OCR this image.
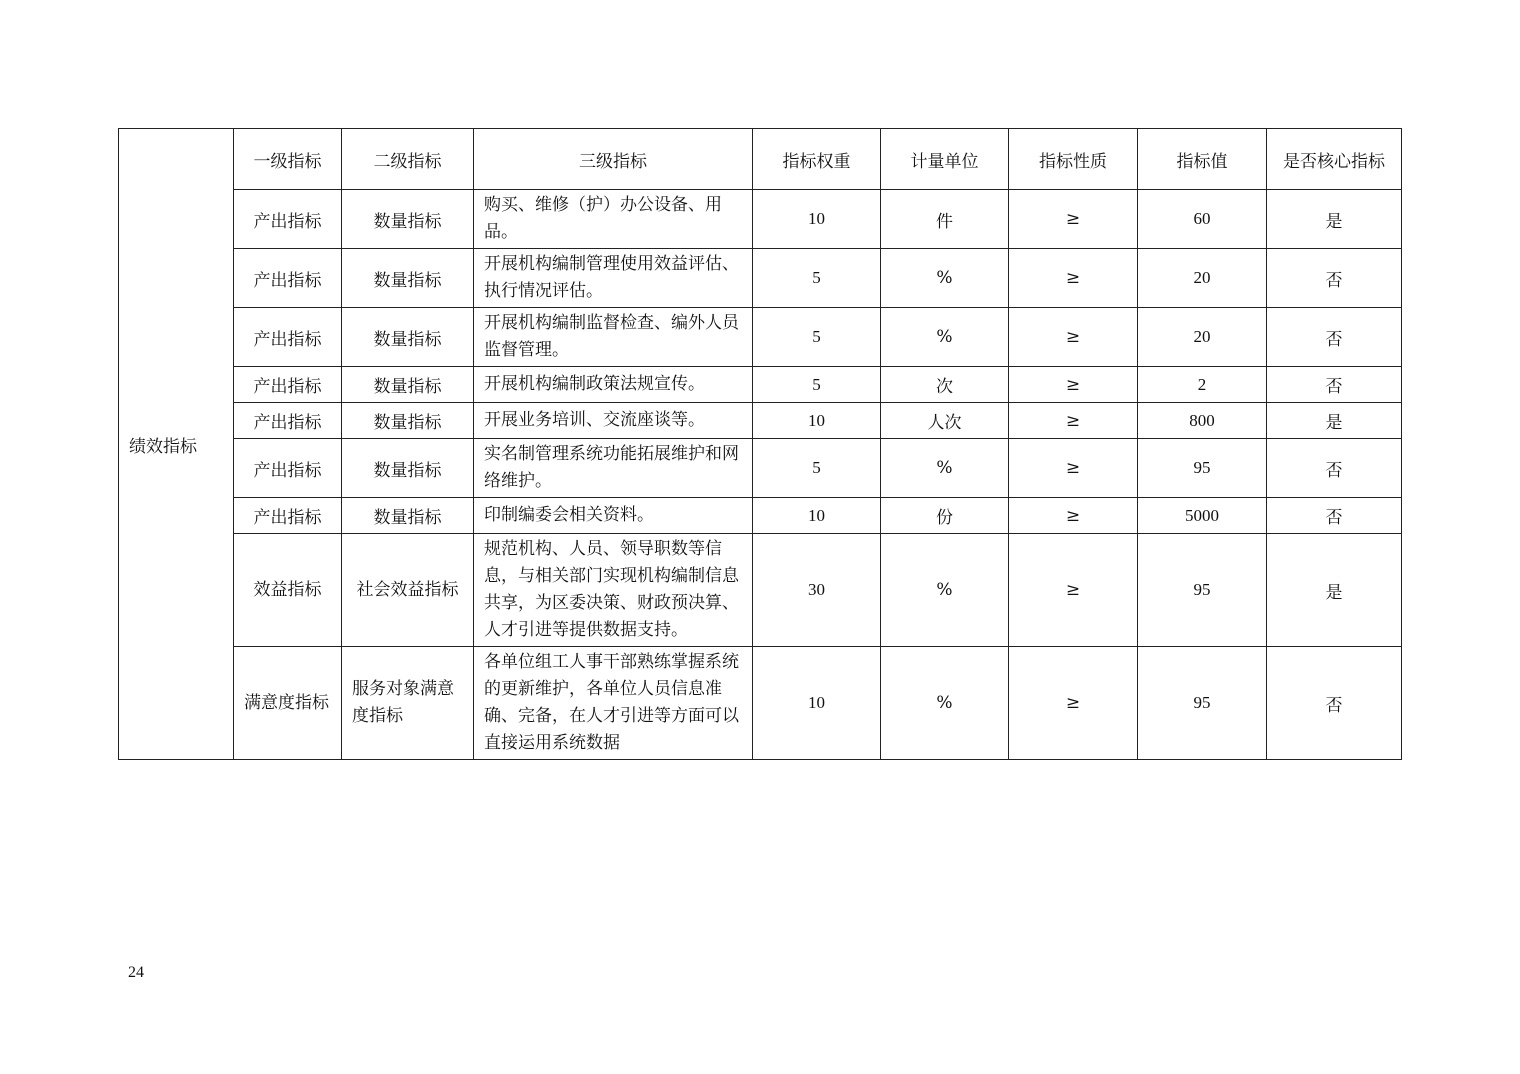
绩效指标	一级指标	二级指标	三级指标	指标权重	计量单位	指标性质	指标值	是否核心指标
	产出指标	数量指标	购买、维修（护）办公设备、用品。	10	件	≥	60	是
	产出指标	数量指标	开展机构编制管理使用效益评估、执行情况评估。	5	%	≥	20	否
	产出指标	数量指标	开展机构编制监督检查、编外人员监督管理。	5	%	≥	20	否
	产出指标	数量指标	开展机构编制政策法规宣传。	5	次	≥	2	否
	产出指标	数量指标	开展业务培训、交流座谈等。	10	人次	≥	800	是
	产出指标	数量指标	实名制管理系统功能拓展维护和网络维护。	5	%	≥	95	否
	产出指标	数量指标	印制编委会相关资料。	10	份	≥	5000	否
	效益指标	社会效益指标	规范机构、人员、领导职数等信息，与相关部门实现机构编制信息共享，为区委决策、财政预决算、人才引进等提供数据支持。	30	%	≥	95	是
	满意度指标	服务对象满意度指标	各单位组工人事干部熟练掌握系统的更新维护，各单位人员信息准确、完备，在人才引进等方面可以直接运用系统数据	10	%	≥	95	否
24
